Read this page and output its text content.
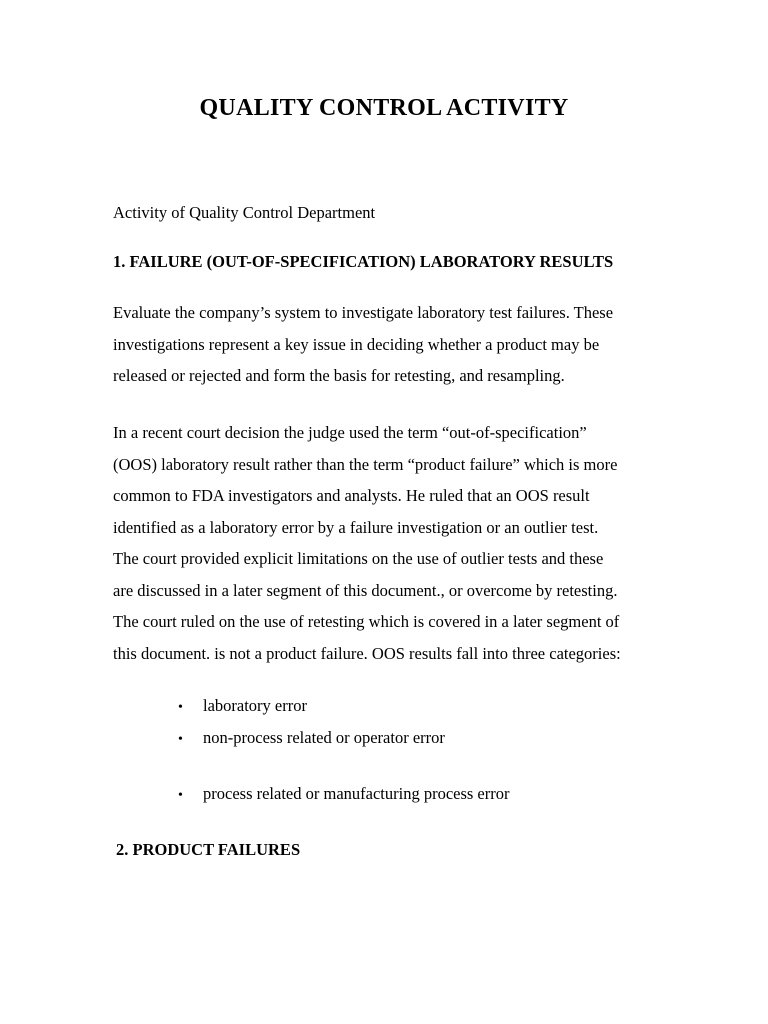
QUALITY CONTROL ACTIVITY
Activity of Quality Control Department
1. FAILURE (OUT-OF-SPECIFICATION) LABORATORY RESULTS
Evaluate the company’s system to investigate laboratory test failures. These
investigations represent a key issue in deciding whether a product may be
released or rejected and form the basis for retesting, and resampling.
In a recent court decision the judge used the term “out-of-specification”
(OOS) laboratory result rather than the term “product failure” which is more
common to FDA investigators and analysts. He ruled that an OOS result
identified as a laboratory error by a failure investigation or an outlier test.
The court provided explicit limitations on the use of outlier tests and these
are discussed in a later segment of this document., or overcome by retesting.
The court ruled on the use of retesting which is covered in a later segment of
this document. is not a product failure. OOS results fall into three categories:
• laboratory error
• non-process related or operator error
• process related or manufacturing process error
2. PRODUCT FAILURES
